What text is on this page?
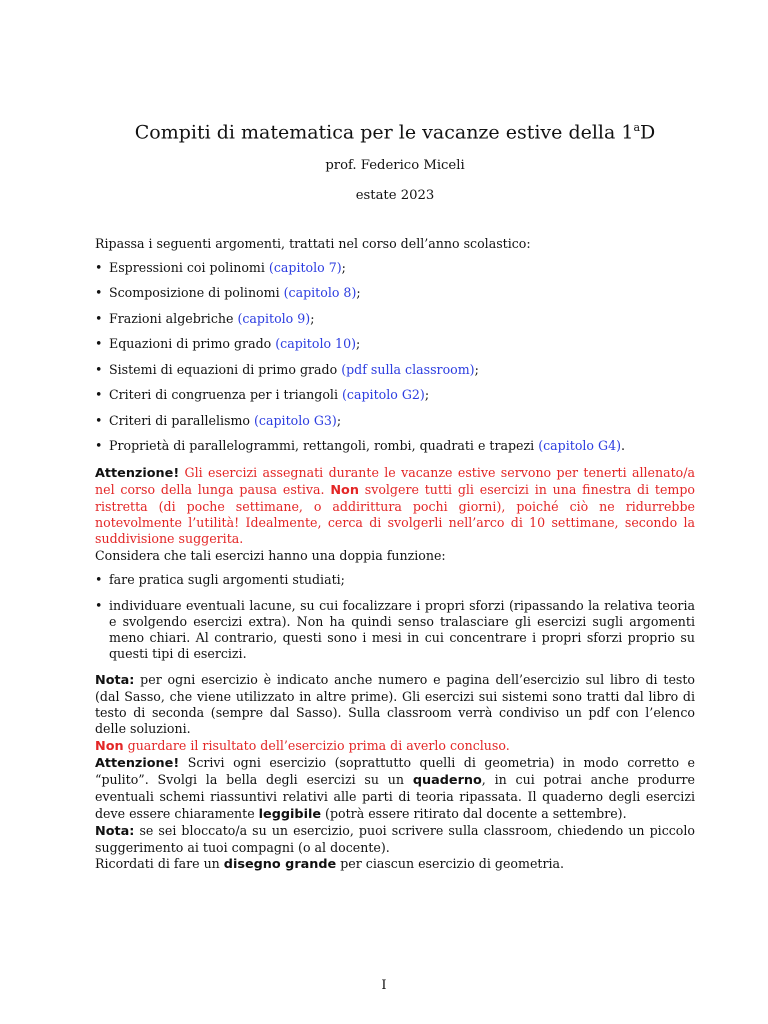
Compiti di matematica per le vacanze estive della 1$^a$D

prof. Federico Miceli

estate 2023

Ripassa i seguenti argomenti, trattati nel corso dell’anno scolastico:

• Espressioni coi polinomi (capitolo 7);
• Scomposizione di polinomi (capitolo 8);
• Frazioni algebriche (capitolo 9);
• Equazioni di primo grado (capitolo 10);
• Sistemi di equazioni di primo grado (pdf sulla classroom);
• Criteri di congruenza per i triangoli (capitolo G2);
• Criteri di parallelismo (capitolo G3);
• Proprietà di parallelogrammi, rettangoli, rombi, quadrati e trapezi (capitolo G4).

Attenzione! Gli esercizi assegnati durante le vacanze estive servono per tenerti allenato/a nel corso della lunga pausa estiva. Non svolgere tutti gli esercizi in una finestra di tempo ristretta (di poche settimane, o addirittura pochi giorni), poiché ciò ne ridurrebbe notevolmente l’utilità! Idealmente, cerca di svolgerli nell’arco di 10 settimane, secondo la suddivisione suggerita.

Considera che tali esercizi hanno una doppia funzione:

• fare pratica sugli argomenti studiati;
• individuare eventuali lacune, su cui focalizzare i propri sforzi (ripassando la relativa teoria e svolgendo esercizi extra). Non ha quindi senso tralasciare gli esercizi sugli argomenti meno chiari. Al contrario, questi sono i mesi in cui concentrare i propri sforzi proprio su questi tipi di esercizi.

Nota: per ogni esercizio è indicato anche numero e pagina dell’esercizio sul libro di testo (dal Sasso, che viene utilizzato in altre prime). Gli esercizi sui sistemi sono tratti dal libro di testo di seconda (sempre dal Sasso). Sulla classroom verrà condiviso un pdf con l’elenco delle soluzioni.

Non guardare il risultato dell’esercizio prima di averlo concluso.

Attenzione! Scrivi ogni esercizio (soprattutto quelli di geometria) in modo corretto e “pulito”. Svolgi la bella degli esercizi su un quaderno, in cui potrai anche produrre eventuali schemi riassuntivi relativi alle parti di teoria ripassata. Il quaderno degli esercizi deve essere chiaramente leggibile (potrà essere ritirato dal docente a settembre).

Nota: se sei bloccato/a su un esercizio, puoi scrivere sulla classroom, chiedendo un piccolo suggerimento ai tuoi compagni (o al docente).

Ricordati di fare un disegno grande per ciascun esercizio di geometria.

I
